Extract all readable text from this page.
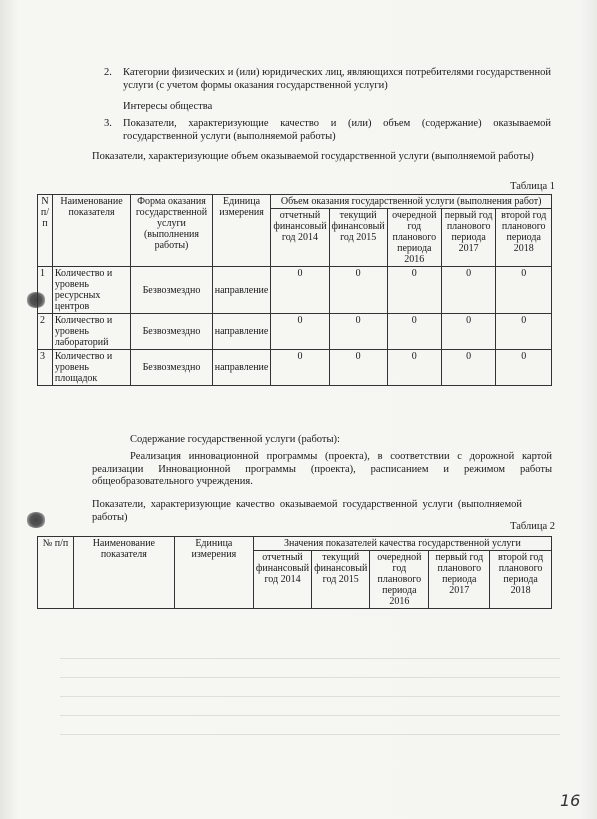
2. Категории физических и (или) юридических лиц, являющихся потребителями государственной услуги (с учетом формы оказания государственной услуги)
Интересы общества
3. Показатели, характеризующие качество и (или) объем (содержание) оказываемой государственной услуги (выполняемой работы)
Показатели, характеризующие объем оказываемой государственной услуги (выполняемой работы)
Таблица 1
N п/п	Наименование показателя	Форма оказания государственной услуги (выполнения работы)	Единица измерения	Объем оказания государственной услуги (выполнения работ)				
				отчетный финансовый год 2014	текущий финансовый год 2015	очередной год планового периода 2016	первый год планового периода 2017	второй год планового периода 2018
1	Количество и уровень ресурсных центров	Безвозмездно	направление	0	0	0	0	0
2	Количество и уровень лабораторий	Безвозмездно	направление	0	0	0	0	0
3	Количество и уровень площадок	Безвозмездно	направление	0	0	0	0	0
Содержание государственной услуги (работы):
Реализация инновационной программы (проекта), в соответствии с дорожной картой реализации Инновационной программы (проекта), расписанием и режимом работы общеобразовательного учреждения.
Показатели, характеризующие качество оказываемой государственной услуги (выполняемой работы)
Таблица 2
№ п/п	Наименование показателя	Единица измерения	Значения показателей качества государственной услуги				
			отчетный финансовый год 2014	текущий финансовый год 2015	очередной год планового периода 2016	первый год планового периода 2017	второй год планового периода 2018
16
